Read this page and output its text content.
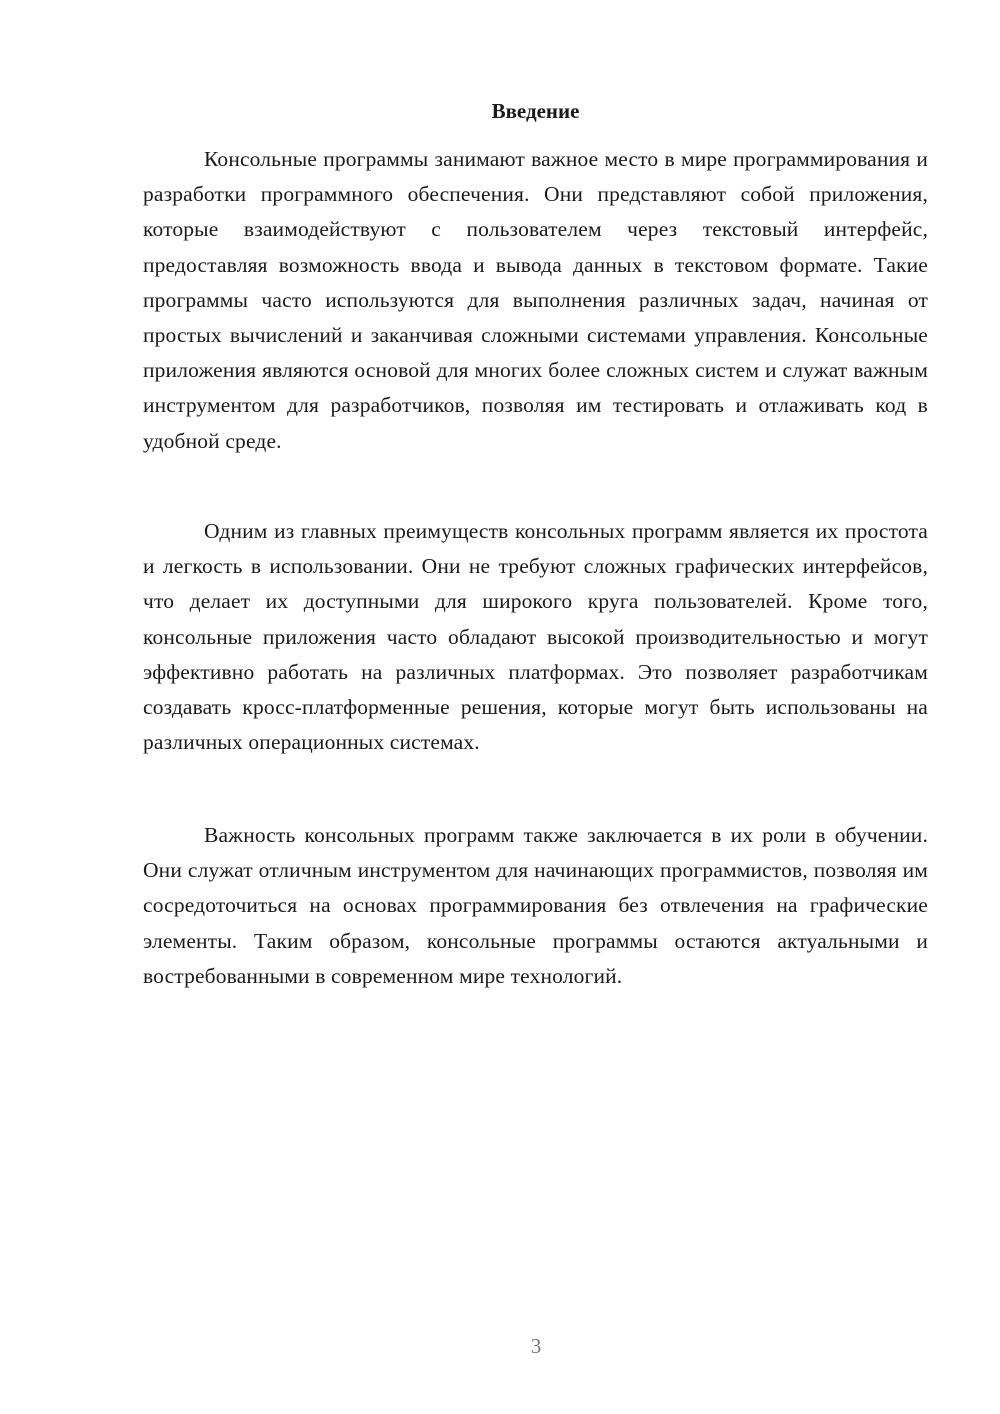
Введение

Консольные программы занимают важное место в мире программирования и разработки программного обеспечения. Они представляют собой приложения, которые взаимодействуют с пользователем через текстовый интерфейс, предоставляя возможность ввода и вывода данных в текстовом формате. Такие программы часто используются для выполнения различных задач, начиная от простых вычислений и заканчивая сложными системами управления. Консольные приложения являются основой для многих более сложных систем и служат важным инструментом для разработчиков, позволяя им тестировать и отлаживать код в удобной среде.

Одним из главных преимуществ консольных программ является их простота и легкость в использовании. Они не требуют сложных графических интерфейсов, что делает их доступными для широкого круга пользователей. Кроме того, консольные приложения часто обладают высокой производительностью и могут эффективно работать на различных платформах. Это позволяет разработчикам создавать кросс-платформенные решения, которые могут быть использованы на различных операционных системах.

Важность консольных программ также заключается в их роли в обучении. Они служат отличным инструментом для начинающих программистов, позволяя им сосредоточиться на основах программирования без отвлечения на графические элементы. Таким образом, консольные программы остаются актуальными и востребованными в современном мире технологий.

3
